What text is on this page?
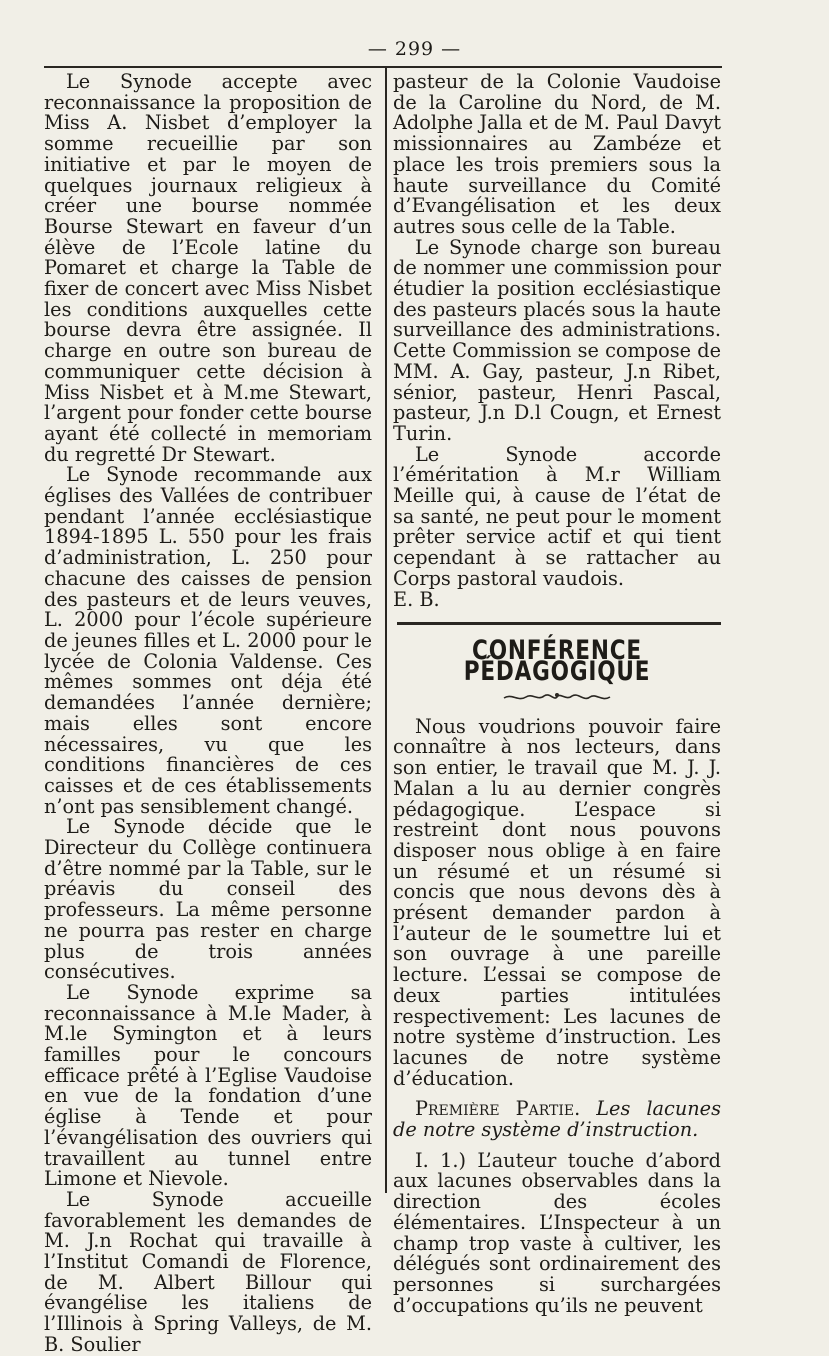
— 299 —

Le Synode accepte avec reconnaissance la proposition de Miss A. Nisbet d’employer la somme recueillie par son initiative et par le moyen de quelques journaux religieux à créer une bourse nommée Bourse Stewart en faveur d’un élève de l’Ecole latine du Pomaret et charge la Table de fixer de concert avec Miss Nisbet les conditions auxquelles cette bourse devra être assignée. Il charge en outre son bureau de communiquer cette décision à Miss Nisbet et à M.me Stewart, l’argent pour fonder cette bourse ayant été collecté in memoriam du regretté Dr Stewart.

Le Synode recommande aux églises des Vallées de contribuer pendant l’année ecclésiastique 1894-1895 L. 550 pour les frais d’administration, L. 250 pour chacune des caisses de pension des pasteurs et de leurs veuves, L. 2000 pour l’école supérieure de jeunes filles et L. 2000 pour le lycée de Colonia Valdense. Ces mêmes sommes ont déja été demandées l’année dernière; mais elles sont encore nécessaires, vu que les conditions financières de ces caisses et de ces établissements n’ont pas sensiblement changé.

Le Synode décide que le Directeur du Collège continuera d’être nommé par la Table, sur le préavis du conseil des professeurs. La même personne ne pourra pas rester en charge plus de trois années consécutives.

Le Synode exprime sa reconnaissance à M.le Mader, à M.le Symington et à leurs familles pour le concours efficace prêté à l’Eglise Vaudoise en vue de la fondation d’une église à Tende et pour l’évangélisation des ouvriers qui travaillent au tunnel entre Limone et Nievole.

Le Synode accueille favorablement les demandes de M. J.n Rochat qui travaille à l’Institut Comandi de Florence, de M. Albert Billour qui évangélise les italiens de l’Illinois à Spring Valleys, de M. B. Soulier

pasteur de la Colonie Vaudoise de la Caroline du Nord, de M. Adolphe Jalla et de M. Paul Davyt missionnaires au Zambéze et place les trois premiers sous la haute surveillance du Comité d’Evangélisation et les deux autres sous celle de la Table.

Le Synode charge son bureau de nommer une commission pour étudier la position ecclésiastique des pasteurs placés sous la haute surveillance des administrations. Cette Commission se compose de MM. A. Gay, pasteur, J.n Ribet, sénior, pasteur, Henri Pascal, pasteur, J.n D.l Cougn, et Ernest Turin.

Le Synode accorde l’éméritation à M.r William Meille qui, à cause de l’état de sa santé, ne peut pour le moment prêter service actif et qui tient cependant à se rattacher au Corps pastoral vaudois.

E. B.

CONFÉRENCE PÉDAGOGIQUE

Nous voudrions pouvoir faire connaître à nos lecteurs, dans son entier, le travail que M. J. J. Malan a lu au dernier congrès pédagogique. L’espace si restreint dont nous pouvons disposer nous oblige à en faire un résumé et un résumé si concis que nous devons dès à présent demander pardon à l’auteur de le soumettre lui et son ouvrage à une pareille lecture. L’essai se compose de deux parties intitulées respectivement: Les lacunes de notre système d’instruction. Les lacunes de notre système d’éducation.

Première Partie. Les lacunes de notre système d’instruction.

I. 1.) L’auteur touche d’abord aux lacunes observables dans la direction des écoles élémentaires. L’Inspecteur à un champ trop vaste à cultiver, les délégués sont ordinairement des personnes si surchargées d’occupations qu’ils ne peuvent
